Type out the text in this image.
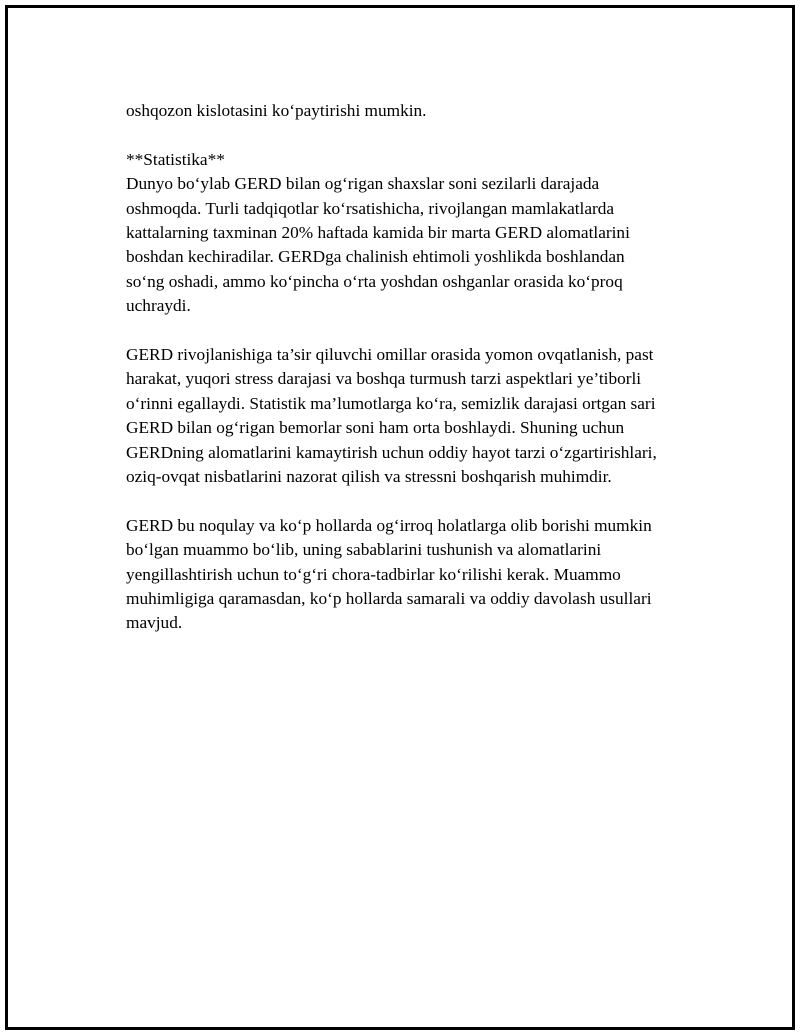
oshqozon kislotasini ko‘paytirishi mumkin.

**Statistika**

Dunyo bo‘ylab GERD bilan og‘rigan shaxslar soni sezilarli darajada
oshmoqda. Turli tadqiqotlar ko‘rsatishicha, rivojlangan mamlakatlarda
kattalarning taxminan 20% haftada kamida bir marta GERD alomatlarini
boshdan kechiradilar. GERDga chalinish ehtimoli yoshlikda boshlandan
so‘ng oshadi, ammo ko‘pincha o‘rta yoshdan oshganlar orasida ko‘proq
uchraydi.

GERD rivojlanishiga ta’sir qiluvchi omillar orasida yomon ovqatlanish, past
harakat, yuqori stress darajasi va boshqa turmush tarzi aspektlari ye’tiborli
o‘rinni egallaydi. Statistik ma’lumotlarga ko‘ra, semizlik darajasi ortgan sari
GERD bilan og‘rigan bemorlar soni ham orta boshlaydi. Shuning uchun
GERDning alomatlarini kamaytirish uchun oddiy hayot tarzi o‘zgartirishlari,
oziq-ovqat nisbatlarini nazorat qilish va stressni boshqarish muhimdir.

GERD bu noqulay va ko‘p hollarda og‘irroq holatlarga olib borishi mumkin
bo‘lgan muammo bo‘lib, uning sabablarini tushunish va alomatlarini
yengillashtirish uchun to‘g‘ri chora-tadbirlar ko‘rilishi kerak. Muammo
muhimligiga qaramasdan, ko‘p hollarda samarali va oddiy davolash usullari
mavjud.
